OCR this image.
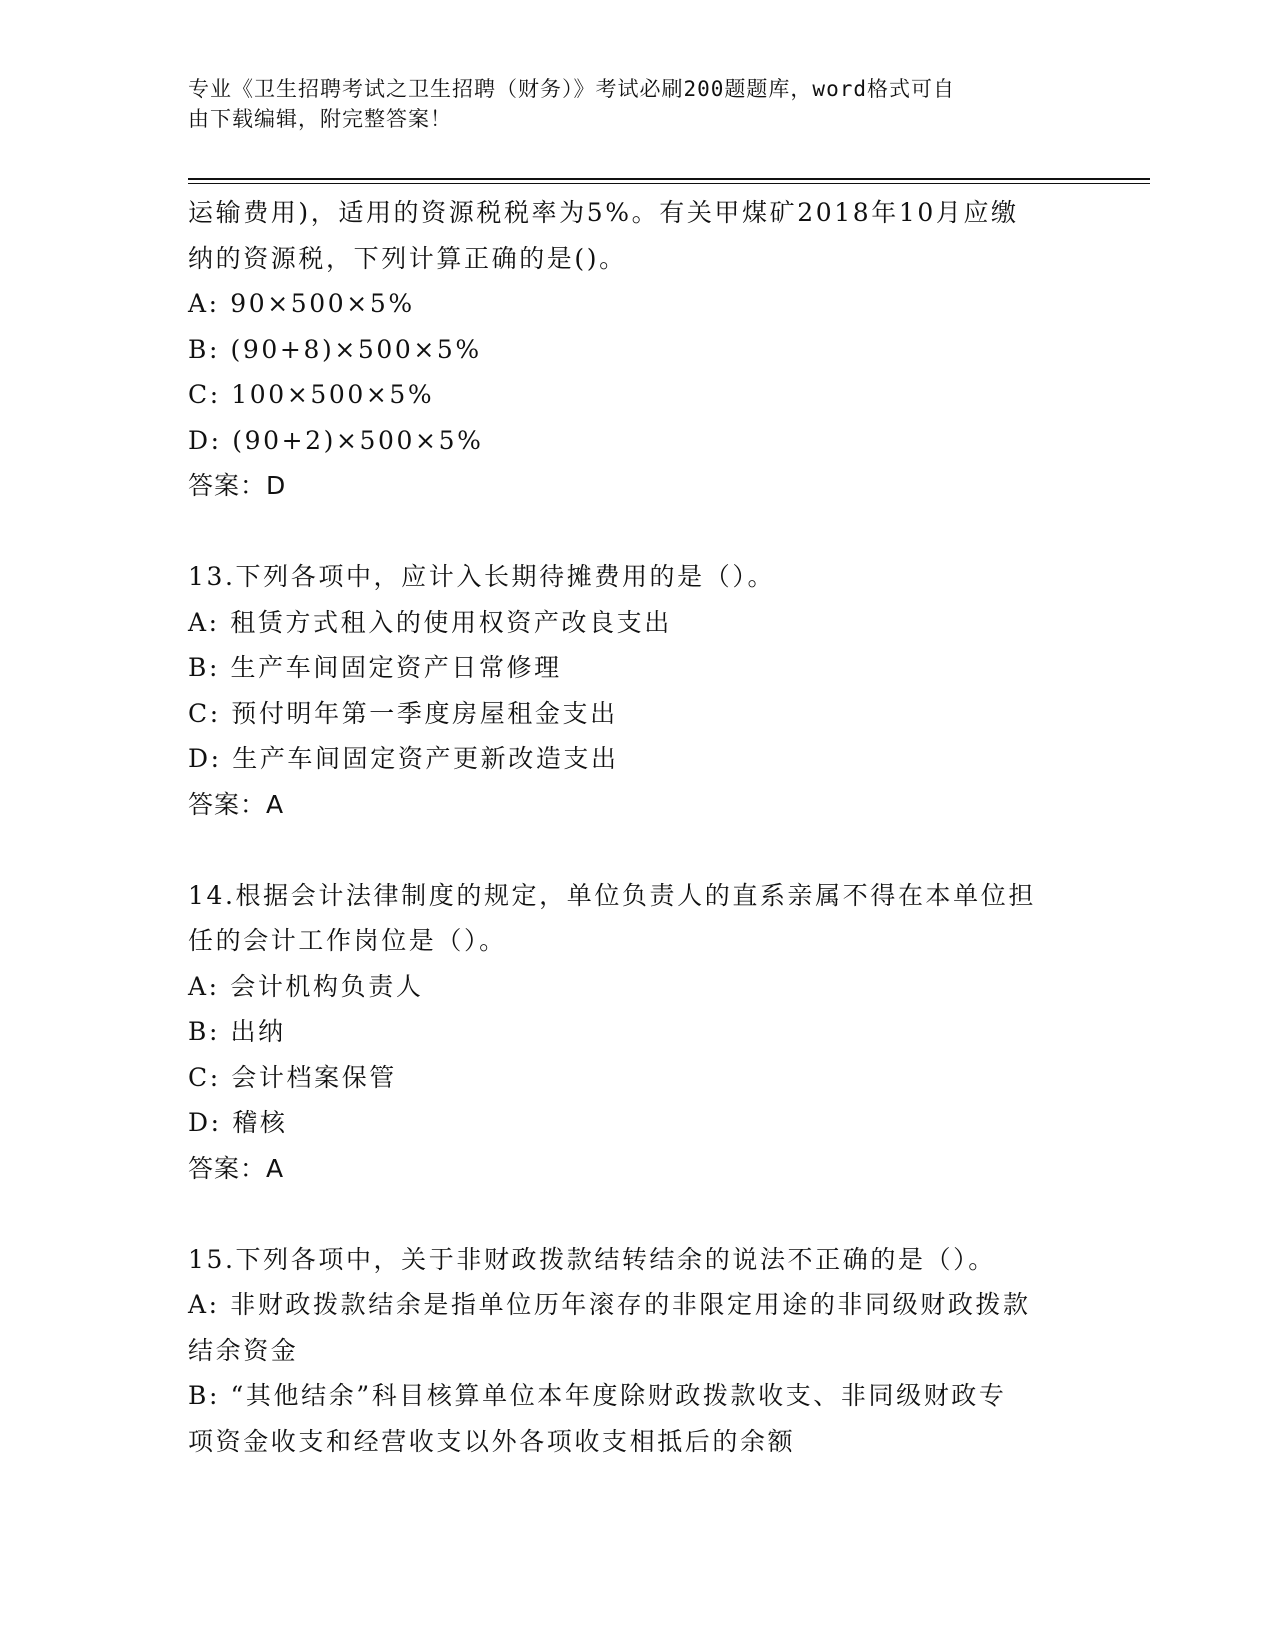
专业《卫生招聘考试之卫生招聘（财务）》考试必刷200题题库，word格式可自
由下载编辑，附完整答案！
运输费用)，适用的资源税税率为5%。有关甲煤矿2018年10月应缴
纳的资源税，下列计算正确的是()。
A: 90×500×5%
B: (90+8)×500×5%
C: 100×500×5%
D: (90+2)×500×5%
答案：D
13.下列各项中，应计入长期待摊费用的是（）。
A: 租赁方式租入的使用权资产改良支出
B: 生产车间固定资产日常修理
C: 预付明年第一季度房屋租金支出
D: 生产车间固定资产更新改造支出
答案：A
14.根据会计法律制度的规定，单位负责人的直系亲属不得在本单位担
任的会计工作岗位是（）。
A: 会计机构负责人
B: 出纳
C: 会计档案保管
D: 稽核
答案：A
15.下列各项中，关于非财政拨款结转结余的说法不正确的是（）。
A: 非财政拨款结余是指单位历年滚存的非限定用途的非同级财政拨款
结余资金
B: “其他结余”科目核算单位本年度除财政拨款收支、非同级财政专
项资金收支和经营收支以外各项收支相抵后的余额
